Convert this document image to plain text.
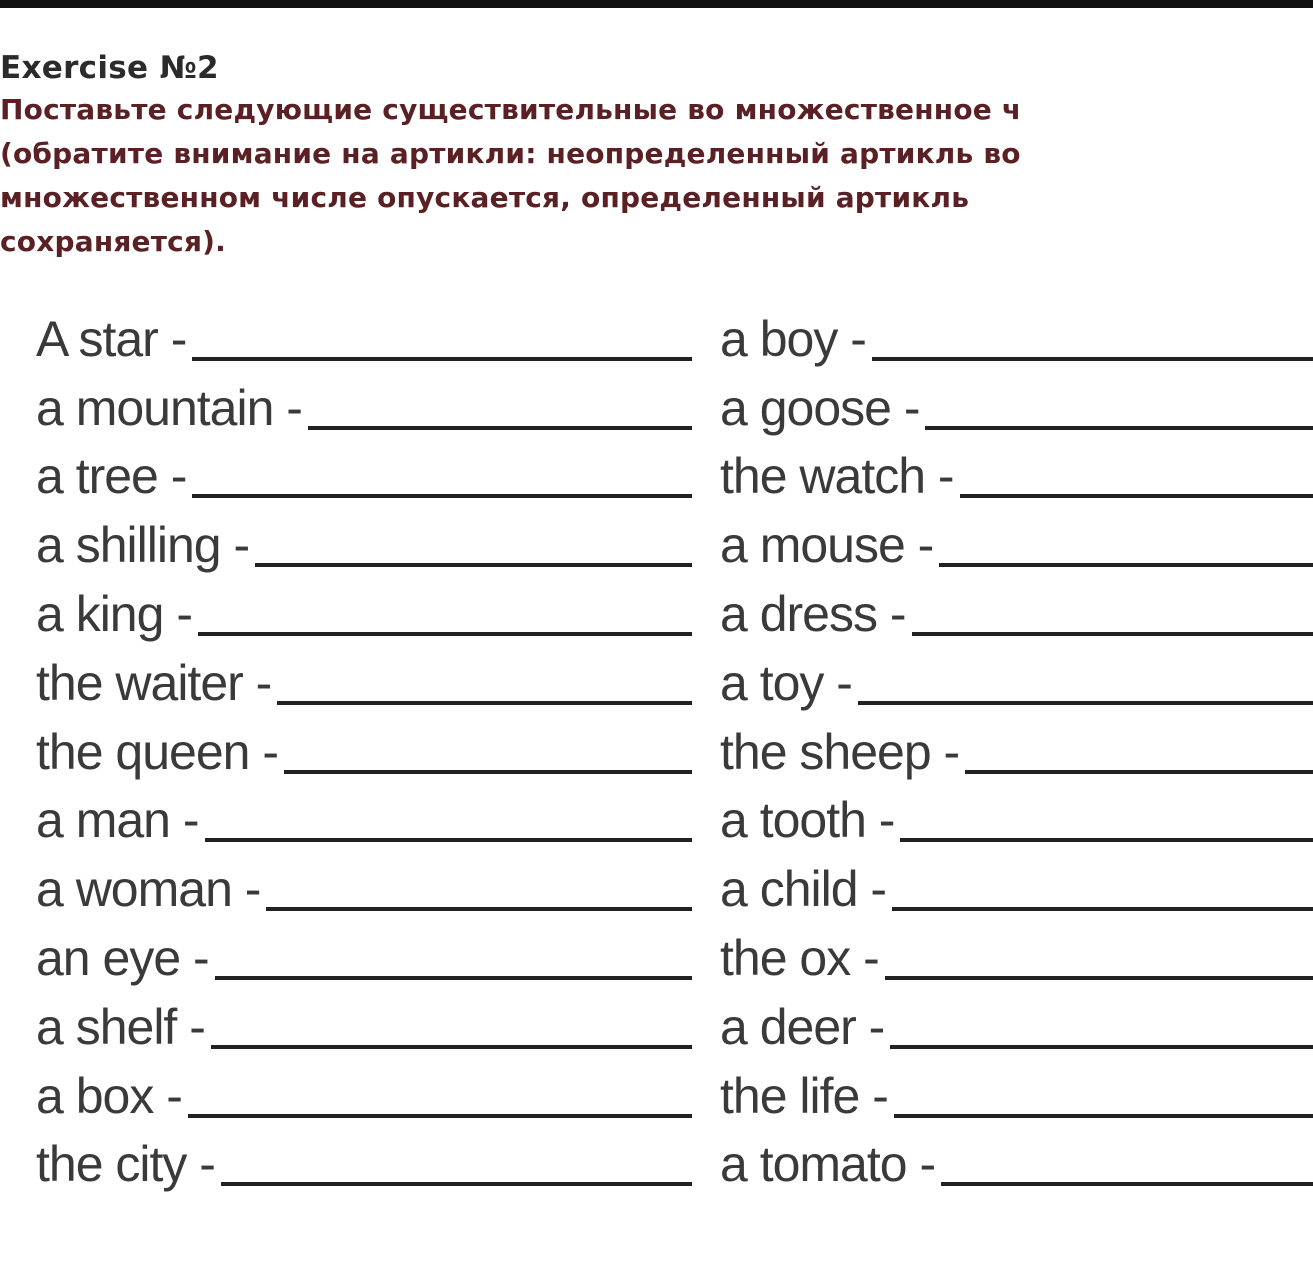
Exercise №2
Поставьте следующие существительные во множественное ч
(обратите внимание на артикли: неопределенный артикль во
множественном числе опускается, определенный артикль
сохраняется).
A star -
a mountain -
a tree -
a shilling -
a king -
the waiter -
the queen -
a man -
a woman -
an eye -
a shelf -
a box -
the city -
a boy -
a goose -
the watch -
a mouse -
a dress -
a toy -
the sheep -
a tooth -
a child -
the ox -
a deer -
the life -
a tomato -
